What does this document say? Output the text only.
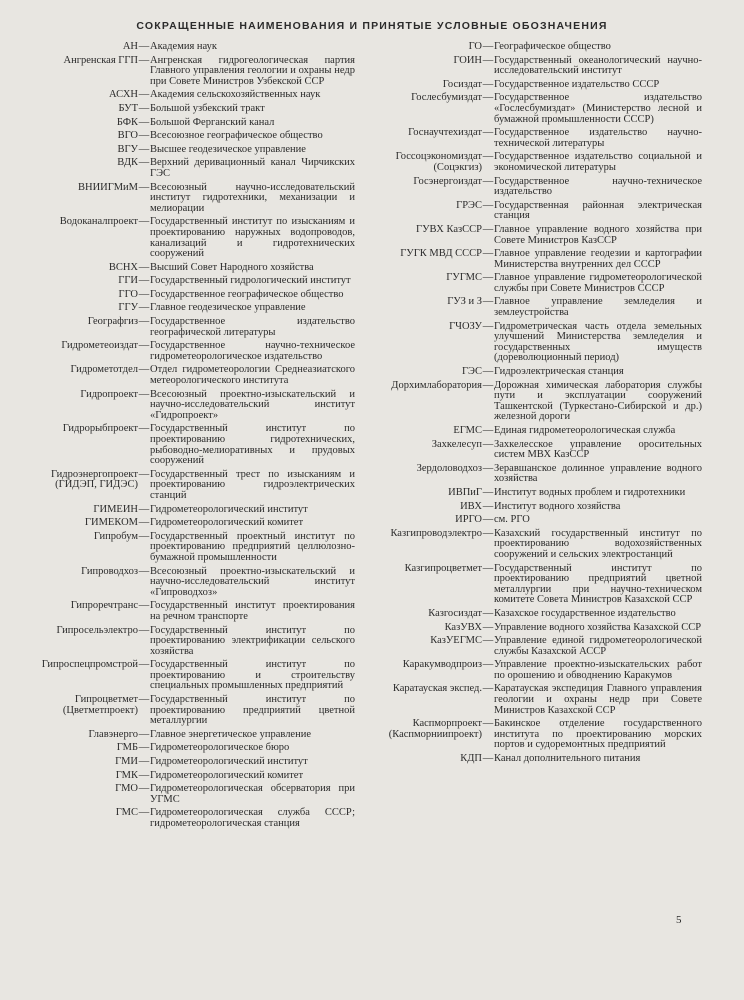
СОКРАЩЕННЫЕ НАИМЕНОВАНИЯ И ПРИНЯТЫЕ УСЛОВНЫЕ ОБОЗНАЧЕНИЯ
АН — Академия наук
Ангренская ГГП — Ангренская гидрогеологическая партия Главного управления геологии и охраны недр при Совете Министров Узбекской ССР
АСХН — Академия сельскохозяйственных наук
БУТ — Большой узбекский тракт
БФК — Большой Ферганский канал
ВГО — Всесоюзное географическое общество
ВГУ — Высшее геодезическое управление
ВДК — Верхний деривационный канал Чирчикских ГЭС
ВНИИГМиМ — Всесоюзный научно-исследовательский институт гидротехники, механизации и мелиорации
Водоканалпроект — Государственный институт по изысканиям и проектированию наружных водопроводов, канализаций и гидротехнических сооружений
ВСНХ — Высший Совет Народного хозяйства
ГГИ — Государственный гидрологический институт
ГГО — Государственное географическое общество
ГГУ — Главное геодезическое управление
Географгиз — Государственное издательство географической литературы
Гидрометеоиздат — Государственное научно-техническое гидрометеорологическое издательство
Гидрометотдел — Отдел гидрометеорологии Среднеазиатского метеорологического института
Гидропроект — Всесоюзный проектно-изыскательский и научно-исследовательский институт «Гидропроект»
Гидрорыбпроект — Государственный институт по проектированию гидротехнических, рыбоводно-мелиоративных и прудовых сооружений
Гидроэнергопроект
(ГИДЭП, ГИДЭС)
— Государственный трест по изысканиям и проектированию гидроэлектрических станций
ГИМЕИН — Гидрометеорологический институт
ГИМЕКОМ — Гидрометеорологический комитет
Гипробум — Государственный проектный институт по проектированию предприятий целлюлозно-бумажной промышленности
Гипроводхоз — Всесоюзный проектно-изыскательский и научно-исследовательский институт «Гипроводхоз»
Гипроречтранс — Государственный институт проектирования на речном транспорте
Гипросельэлектро — Государственный институт по проектированию электрификации сельского хозяйства
Гипроспецпромстрой — Государственный институт по проектированию и строительству специальных промышленных предприятий
Гипроцветмет
(Цветметпроект)
— Государственный институт по проектированию предприятий цветной металлургии
Главэнерго — Главное энергетическое управление
ГМБ — Гидрометеорологическое бюро
ГМИ — Гидрометеорологический институт
ГМК — Гидрометеорологический комитет
ГМО — Гидрометеорологическая обсерватория при УГМС
ГМС — Гидрометеорологическая служба СССР; гидрометеорологическая станция
ГО — Географическое общество
ГОИН — Государственный океанологический научно-исследовательский институт
Госиздат — Государственное издательство СССР
Гослесбумиздат — Государственное издательство «Гослесбумиздат» (Министерство лесной и бумажной промышленности СССР)
Госнаучтехиздат — Государственное издательство научно-технической литературы
Госсоцэкономиздат
(Соцэкгиз)
— Государственное издательство социальной и экономической литературы
Госэнергоиздат — Государственное научно-техническое издательство
ГРЭС — Государственная районная электрическая станция
ГУВХ КазССР — Главное управление водного хозяйства при Совете Министров КазССР
ГУГК МВД СССР — Главное управление геодезии и картографии Министерства внутренних дел СССР
ГУГМС — Главное управление гидрометеорологической службы при Совете Министров СССР
ГУЗ и З — Главное управление земледелия и землеустройства
ГЧОЗУ — Гидрометрическая часть отдела земельных улучшений Министерства земледелия и государственных имуществ (дореволюционный период)
ГЭС — Гидроэлектрическая станция
Дорхимлаборатория — Дорожная химическая лаборатория службы пути и эксплуатации сооружений Ташкентской (Туркестано-Сибирской и др.) железной дороги
ЕГМС — Единая гидрометеорологическая служба
Захкелесуп — Захкелесское управление оросительных систем МВХ КазССР
Зердоловодхоз — Зеравшанское долинное управление водного хозяйства
ИВПиГ — Институт водных проблем и гидротехники
ИВХ — Институт водного хозяйства
ИРГО — см. РГО
Казгипроводэлектро — Казахский государственный институт по проектированию водохозяйственных сооружений и сельских электростанций
Казгипроцветмет — Государственный институт по проектированию предприятий цветной металлургии при научно-техническом комитете Совета Министров Казахской ССР
Казгосиздат — Казахское государственное издательство
КазУВХ — Управление водного хозяйства Казахской ССР
КазУЕГМС — Управление единой гидрометеорологической службы Казахской АССР
Каракумводпроиз — Управление проектно-изыскательских работ по орошению и обводнению Каракумов
Каратауская экспед. — Каратауская экспедиция Главного управления геологии и охраны недр при Совете Министров Казахской ССР
Каспморпроект
(Каспморниипроект)
— Бакинское отделение государственного института по проектированию морских портов и судоремонтных предприятий
КДП — Канал дополнительного питания
5
